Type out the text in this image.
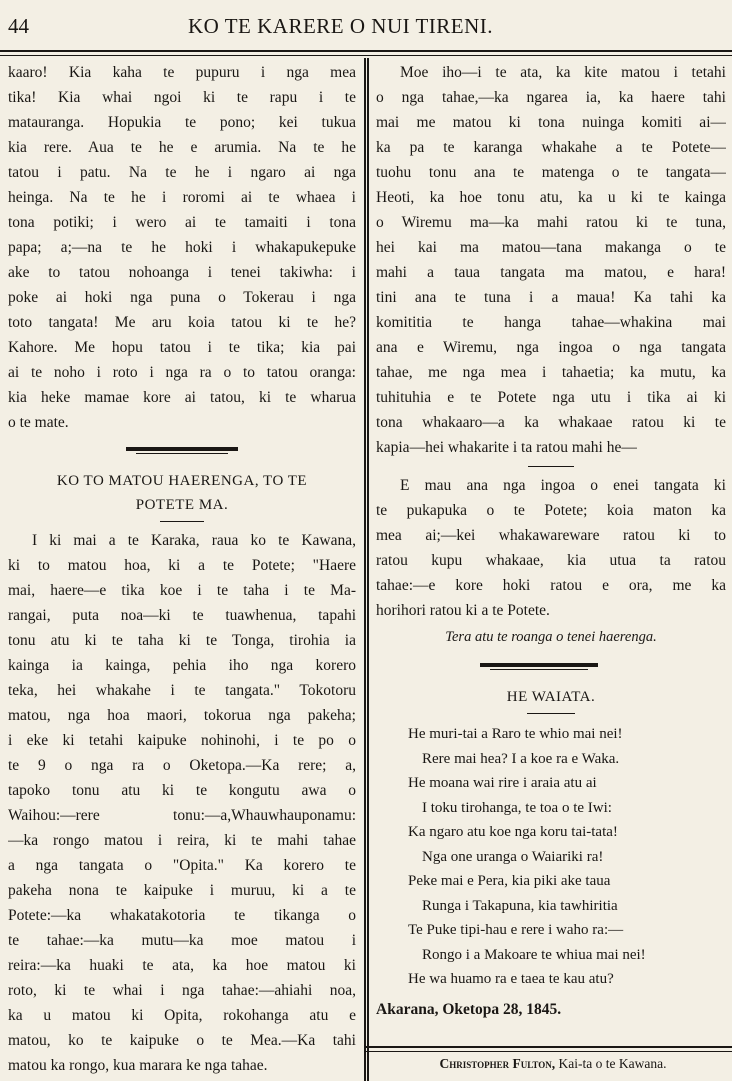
44	KO TE KARERE O NUI TIRENI.
kaaro! Kia kaha te pupuru i nga mea
tika! Kia whai ngoi ki te rapu i te
matauranga. Hopukia te pono; kei tukua
kia rere. Aua te he e arumia. Na te he
tatou i patu. Na te he i ngaro ai nga
heinga. Na te he i roromi ai te whaea i
tona potiki; i wero ai te tamaiti i tona
papa; a;—na te he hoki i whakapukepuke
ake to tatou nohoanga i tenei takiwha: i
poke ai hoki nga puna o Tokerau i nga
toto tangata! Me aru koia tatou ki te he?
Kahore. Me hopu tatou i te tika; kia pai
ai te noho i roto i nga ra o to tatou oranga:
kia heke mamae kore ai tatou, ki te wharua
o te mate.
KO TO MATOU HAERENGA, TO TE
POTETE MA.
I ki mai a te Karaka, raua ko te Kawana,
ki to matou hoa, ki a te Potete; "Haere
mai, haere—e tika koe i te taha i te Ma-
rangai, puta noa—ki te tuawhenua, tapahi
tonu atu ki te taha ki te Tonga, tirohia ia
kainga ia kainga, pehia iho nga korero
teka, hei whakahe i te tangata." Tokotoru
matou, nga hoa maori, tokorua nga pakeha;
i eke ki tetahi kaipuke nohinohi, i te po o
te 9 o nga ra o Oketopa.—Ka rere; a,
tapoko tonu atu ki te kongutu awa o
Waihou:—rere tonu:—a,Whauwhauponamu:
—ka rongo matou i reira, ki te mahi tahae
a nga tangata o "Opita." Ka korero te
pakeha nona te kaipuke i muruu, ki a te
Potete:—ka whakatakotoria te tikanga o
te tahae:—ka mutu—ka moe matou i
reira:—ka huaki te ata, ka hoe matou ki
roto, ki te whai i nga tahae:—ahiahi noa,
ka u matou ki Opita, rokohanga atu e
matou, ko te kaipuke o te Mea.—Ka tahi
matou ka rongo, kua marara ke nga tahae.
Moe iho—i te ata, ka kite matou i tetahi
o nga tahae,—ka ngarea ia, ka haere tahi
mai me matou ki tona nuinga komiti ai—
ka pa te karanga whakahe a te Potete—
tuohu tonu ana te matenga o te tangata—
Heoti, ka hoe tonu atu, ka u ki te kainga
o Wiremu ma—ka mahi ratou ki te tuna,
hei kai ma matou—tana makanga o te
mahi a taua tangata ma matou, e hara!
tini ana te tuna i a maua! Ka tahi ka
komititia te hanga tahae—whakina mai
ana e Wiremu, nga ingoa o nga tangata
tahae, me nga mea i tahaetia; ka mutu, ka
tuhituhia e te Potete nga utu i tika ai ki
tona whakaaro—a ka whakaae ratou ki te
kapia—hei whakarite i ta ratou mahi he—
E mau ana nga ingoa o enei tangata ki
te pukapuka o te Potete; koia maton ka
mea ai;—kei whakawareware ratou ki to
ratou kupu whakaae, kia utua ta ratou
tahae:—e kore hoki ratou e ora, me ka
horihori ratou ki a te Potete.
Tera atu te roanga o tenei haerenga.
HE WAIATA.
He muri-tai a Raro te whio mai nei!
Rere mai hea? I a koe ra e Waka.
He moana wai rire i araia atu ai
I toku tirohanga, te toa o te Iwi:
Ka ngaro atu koe nga koru tai-tata!
Nga one uranga o Waiariki ra!
Peke mai e Pera, kia piki ake taua
Runga i Takapuna, kia tawhiritia
Te Puke tipi-hau e rere i waho ra:—
Rongo i a Makoare te whiua mai nei!
He wa huamo ra e taea te kau atu?
Akarana, Oketopa 28, 1845.
Christopher Fulton, Kai-ta o te Kawana.
